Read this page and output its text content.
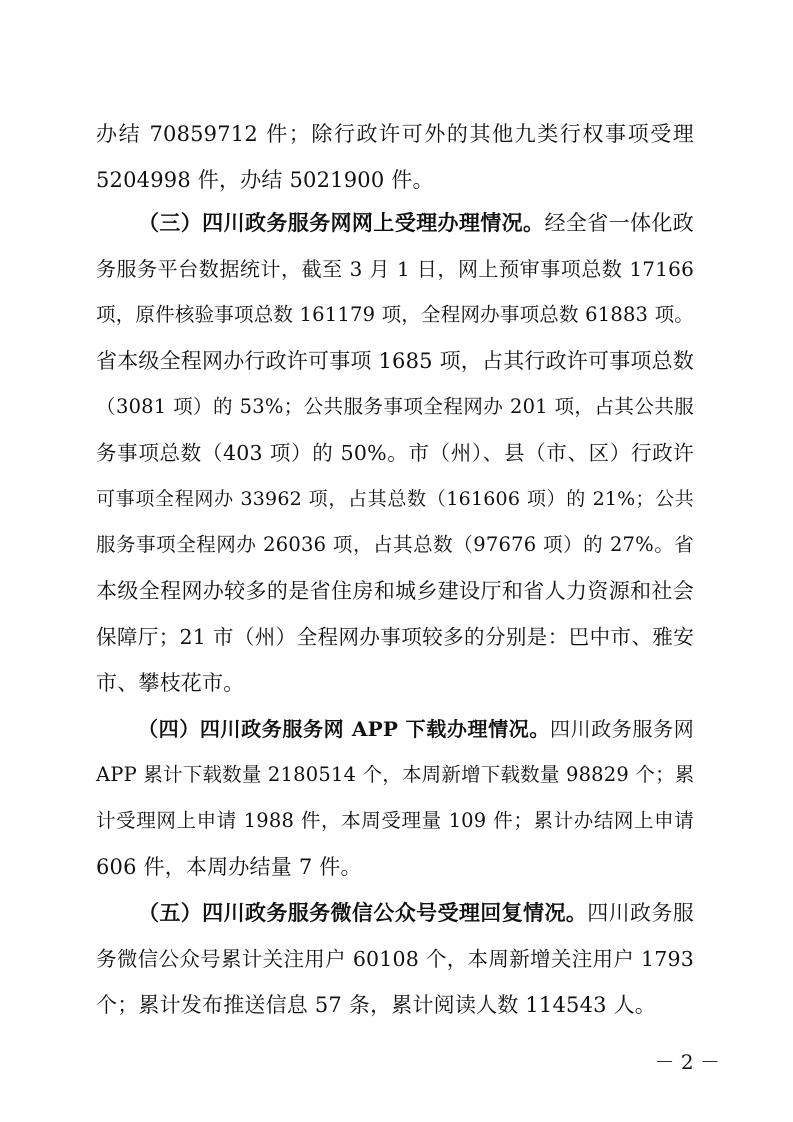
办结 70859712 件；除行政许可外的其他九类行权事项受理
5204998 件，办结 5021900 件。
（三）四川政务服务网网上受理办理情况。经全省一体化政
务服务平台数据统计，截至 3 月 1 日，网上预审事项总数 17166
项，原件核验事项总数 161179 项，全程网办事项总数 61883 项。
省本级全程网办行政许可事项 1685 项，占其行政许可事项总数
（3081 项）的 53%；公共服务事项全程网办 201 项，占其公共服
务事项总数（403 项）的 50%。市（州）、县（市、区）行政许
可事项全程网办 33962 项，占其总数（161606 项）的 21%；公共
服务事项全程网办 26036 项，占其总数（97676 项）的 27%。省
本级全程网办较多的是省住房和城乡建设厅和省人力资源和社会
保障厅；21 市（州）全程网办事项较多的分别是：巴中市、雅安
市、攀枝花市。
（四）四川政务服务网 APP 下载办理情况。四川政务服务网
APP 累计下载数量 2180514 个，本周新增下载数量 98829 个；累
计受理网上申请 1988 件，本周受理量 109 件；累计办结网上申请
606 件，本周办结量 7 件。
（五）四川政务服务微信公众号受理回复情况。四川政务服
务微信公众号累计关注用户 60108 个，本周新增关注用户 1793
个；累计发布推送信息 57 条，累计阅读人数 114543 人。
－ 2 －
